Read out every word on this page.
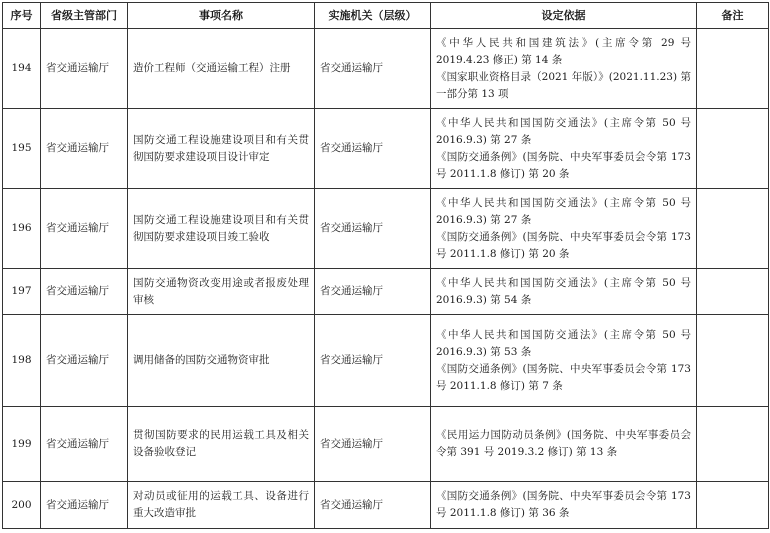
序号	省级主管部门	事项名称	实施机关（层级）	设定依据	备注
194	省交通运输厅	造价工程师（交通运输工程）注册	省交通运输厅	《中华人民共和国建筑法》(主席令第 29 号 2019.4.23 修正) 第 14 条
《国家职业资格目录（2021 年版）》(2021.11.23) 第一部分第 13 项	
195	省交通运输厅	国防交通工程设施建设项目和有关贯彻国防要求建设项目设计审定	省交通运输厅	《中华人民共和国国防交通法》(主席令第 50 号 2016.9.3) 第 27 条
《国防交通条例》(国务院、中央军事委员会令第 173 号 2011.1.8 修订) 第 20 条	
196	省交通运输厅	国防交通工程设施建设项目和有关贯彻国防要求建设项目竣工验收	省交通运输厅	《中华人民共和国国防交通法》(主席令第 50 号 2016.9.3) 第 27 条
《国防交通条例》(国务院、中央军事委员会令第 173 号 2011.1.8 修订) 第 20 条	
197	省交通运输厅	国防交通物资改变用途或者报废处理审核	省交通运输厅	《中华人民共和国国防交通法》(主席令第 50 号 2016.9.3) 第 54 条	
198	省交通运输厅	调用储备的国防交通物资审批	省交通运输厅	《中华人民共和国国防交通法》(主席令第 50 号 2016.9.3) 第 53 条
《国防交通条例》(国务院、中央军事委员会令第 173 号 2011.1.8 修订) 第 7 条	
199	省交通运输厅	贯彻国防要求的民用运载工具及相关设备验收登记	省交通运输厅	《民用运力国防动员条例》(国务院、中央军事委员会令第 391 号 2019.3.2 修订) 第 13 条	
200	省交通运输厅	对动员或征用的运载工具、设备进行重大改造审批	省交通运输厅	《国防交通条例》(国务院、中央军事委员会令第 173 号 2011.1.8 修订) 第 36 条	
